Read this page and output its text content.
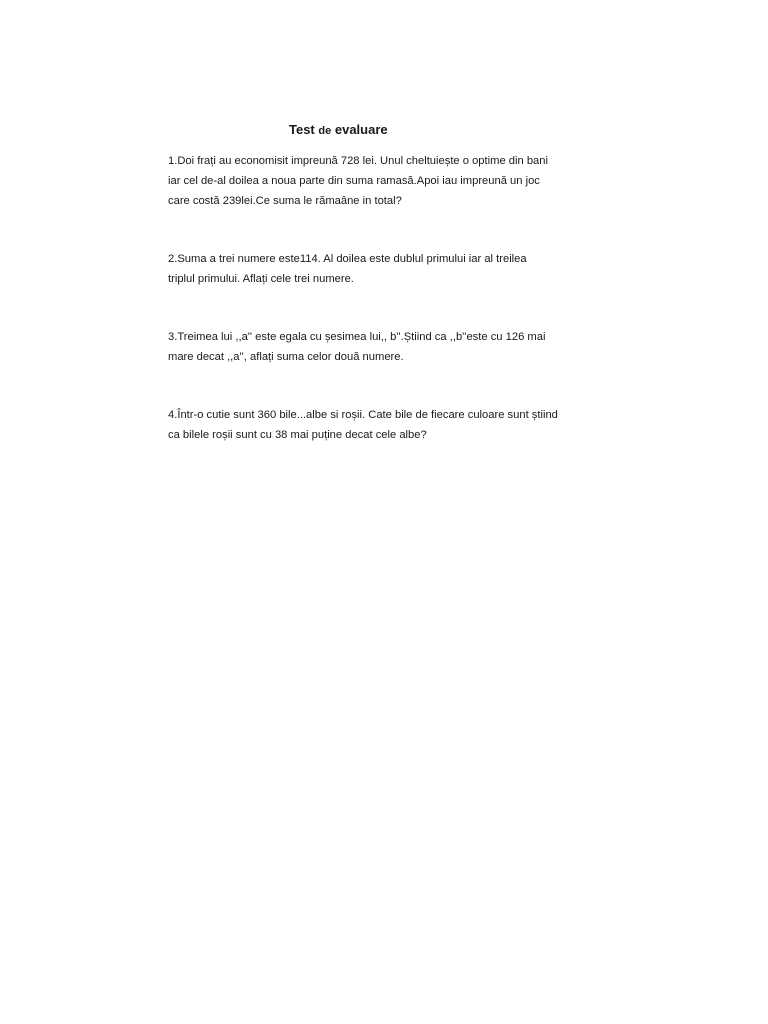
Test de evaluare
1.Doi frați au economisit impreună 728 lei. Unul cheltuiește o optime din bani
iar cel de-al doilea a noua parte din suma ramasă.Apoi iau impreună un joc
care costă 239lei.Ce suma le rămaâne in total?
2.Suma a trei numere este114. Al doilea este dublul primului iar al treilea
triplul primului. Aflați cele trei numere.
3.Treimea lui ,,a'' este egala cu șesimea lui,, b''.Știind ca ,,b''este cu 126 mai
mare decat ,,a'', aflați suma celor două numere.
4.Într-o cutie sunt 360 bile...albe si roșii. Cate bile de fiecare culoare sunt știind
ca bilele roșii sunt cu 38 mai puține decat cele albe?
